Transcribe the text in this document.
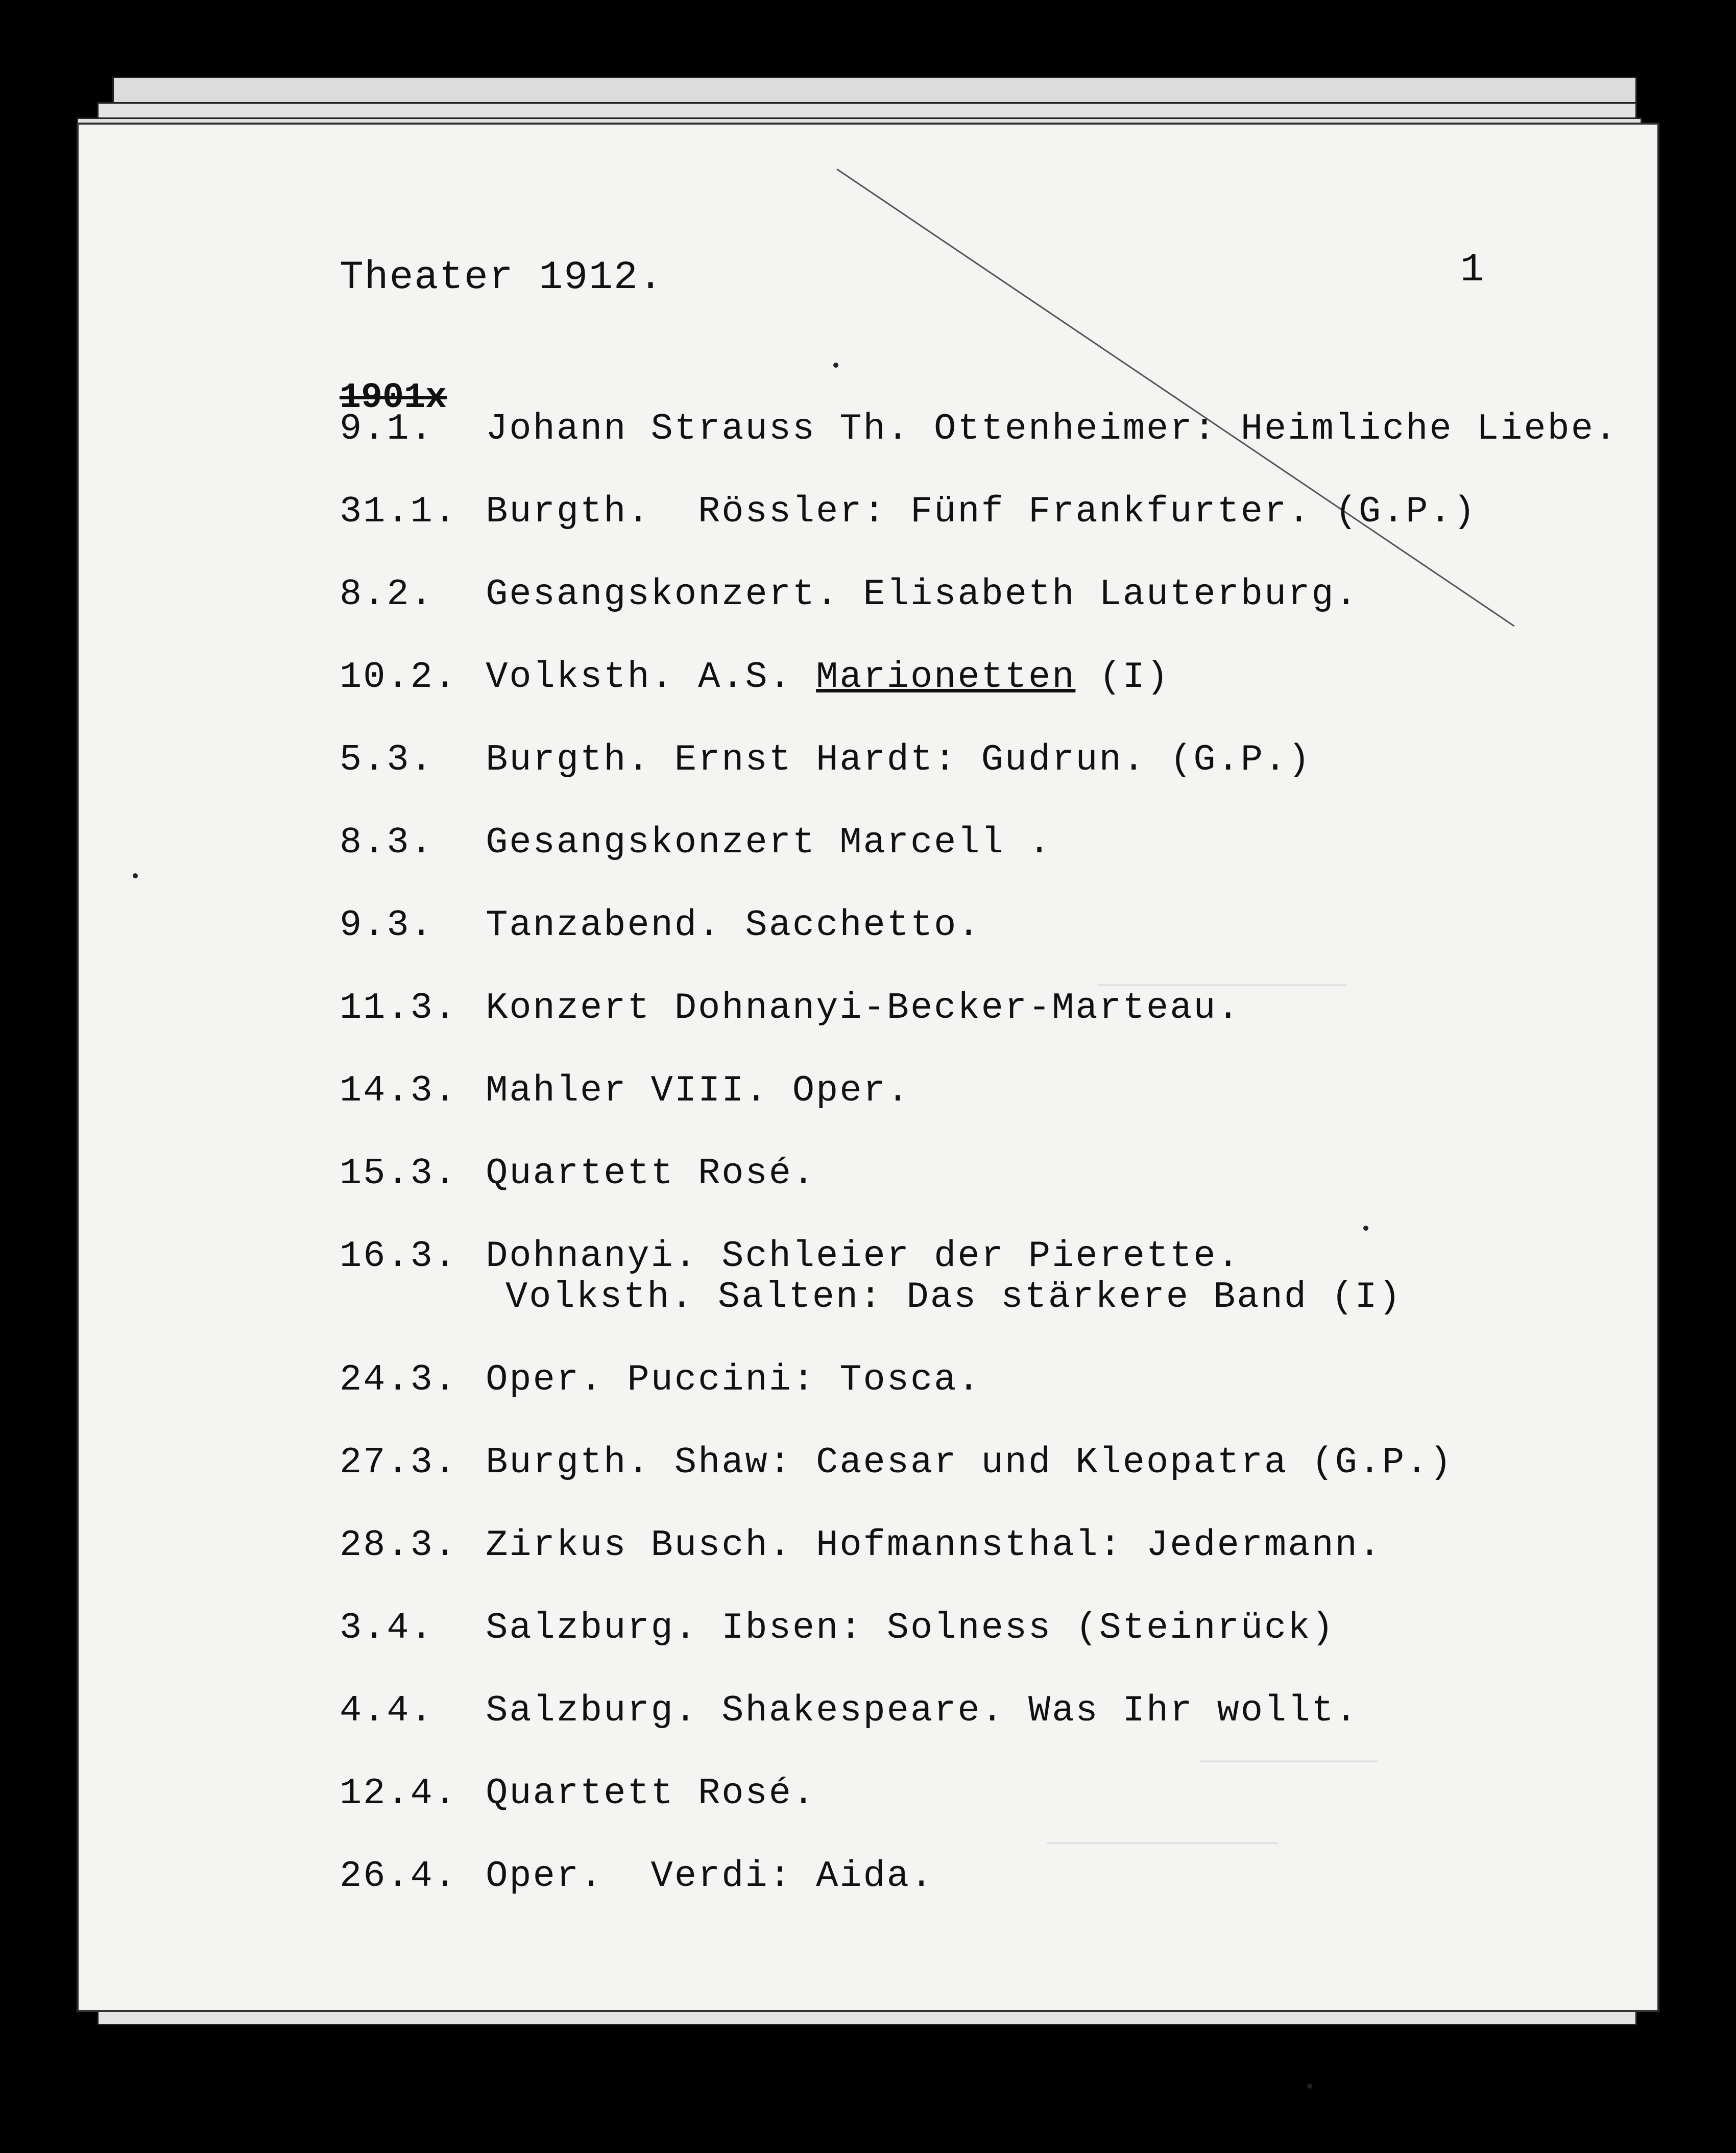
──────────────
──────────
─────────────
Theater 1912.	1
1901x
9.1. Johann Strauss Th. Ottenheimer: Heimliche Liebe.
31.1. Burgth.  Rössler: Fünf Frankfurter. (G.P.)
8.2. Gesangskonzert. Elisabeth Lauterburg.
10.2. Volksth. A.S. Marionetten (I)
5.3. Burgth. Ernst Hardt: Gudrun. (G.P.)
8.3. Gesangskonzert Marcell .
9.3. Tanzabend. Sacchetto.
11.3. Konzert Dohnanyi-Becker-Marteau.
14.3. Mahler VIII. Oper.
15.3. Quartett Rosé.
16.3. Dohnanyi. Schleier der Pierette.
Volksth. Salten: Das stärkere Band (I)
24.3. Oper. Puccini: Tosca.
27.3. Burgth. Shaw: Caesar und Kleopatra (G.P.)
28.3. Zirkus Busch. Hofmannsthal: Jedermann.
3.4. Salzburg. Ibsen: Solness (Steinrück)
4.4. Salzburg. Shakespeare. Was Ihr wollt.
12.4. Quartett Rosé.
26.4. Oper.  Verdi: Aida.
